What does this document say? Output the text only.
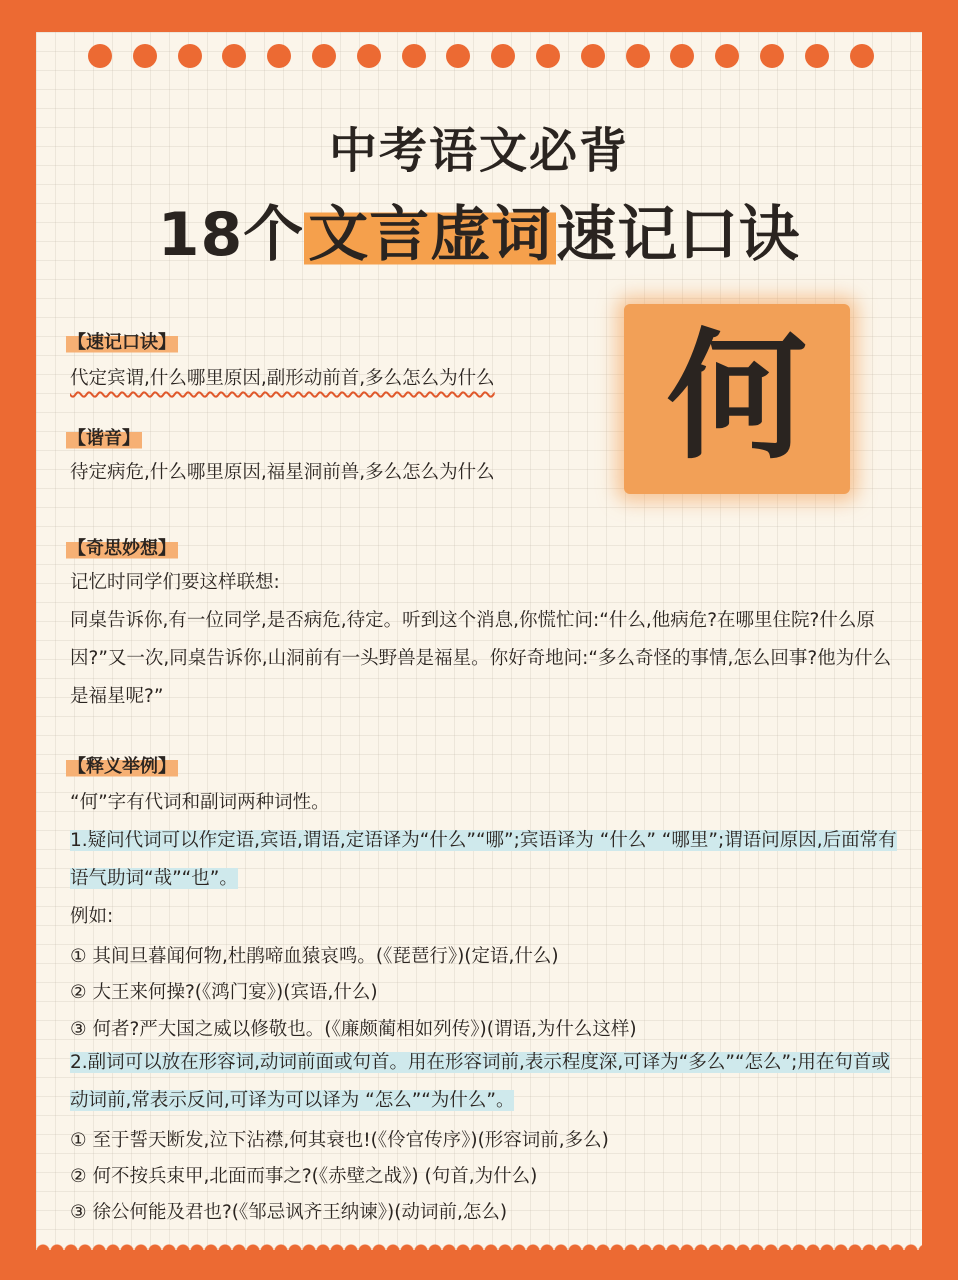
中考语文必背
18个文言虚词速记口诀
何
【速记口诀】
代定宾谓,什么哪里原因,副形动前首,多么怎么为什么
【谐音】
待定病危,什么哪里原因,福星洞前兽,多么怎么为什么
【奇思妙想】
记忆时同学们要这样联想:
同桌告诉你,有一位同学,是否病危,待定。听到这个消息,你慌忙问:“什么,他病危?在哪里住院?什么原因?”又一次,同桌告诉你,山洞前有一头野兽是福星。你好奇地问:“多么奇怪的事情,怎么回事?他为什么是福星呢?”
【释义举例】
“何”字有代词和副词两种词性。
1.疑问代词可以作定语,宾语,谓语,定语译为“什么”“哪”;宾语译为 “什么” “哪里”;谓语问原因,后面常有语气助词“哉”“也”。
例如:
① 其间旦暮闻何物,杜鹃啼血猿哀鸣。(《琵琶行》)(定语,什么)
② 大王来何操?(《鸿门宴》)(宾语,什么)
③ 何者?严大国之威以修敬也。(《廉颇蔺相如列传》)(谓语,为什么这样)
2.副词可以放在形容词,动词前面或句首。用在形容词前,表示程度深,可译为“多么”“怎么”;用在句首或动词前,常表示反问,可译为可以译为 “怎么”“为什么”。
① 至于誓天断发,泣下沾襟,何其衰也!(《伶官传序》)(形容词前,多么)
② 何不按兵束甲,北面而事之?(《赤壁之战》) (句首,为什么)
③ 徐公何能及君也?(《邹忌讽齐王纳谏》)(动词前,怎么)
